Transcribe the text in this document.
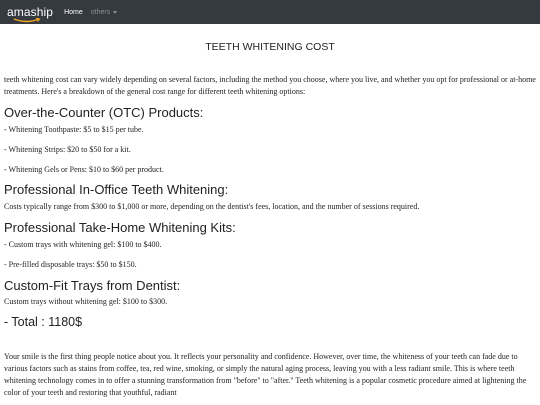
amaship Home others
TEETH WHITENING COST

teeth whitening cost can vary widely depending on several factors, including the method you choose, where you live, and whether you opt for professional or at-home treatments. Here's a breakdown of the general cost range for different teeth whitening options:

Over-the-Counter (OTC) Products:

- Whitening Toothpaste: $5 to $15 per tube.

- Whitening Strips: $20 to $50 for a kit.

- Whitening Gels or Pens: $10 to $60 per product.

Professional In-Office Teeth Whitening:

Costs typically range from $300 to $1,000 or more, depending on the dentist's fees, location, and the number of sessions required.

Professional Take-Home Whitening Kits:

- Custom trays with whitening gel: $100 to $400.

- Pre-filled disposable trays: $50 to $150.

Custom-Fit Trays from Dentist:

Custom trays without whitening gel: $100 to $300.

- Total : 1180$

Your smile is the first thing people notice about you. It reflects your personality and confidence. However, over time, the whiteness of your teeth can fade due to various factors such as stains from coffee, tea, red wine, smoking, or simply the natural aging process, leaving you with a less radiant smile. This is where teeth whitening technology comes in to offer a stunning transformation from "before" to "after." Teeth whitening is a popular cosmetic procedure aimed at lightening the color of your teeth and restoring that youthful, radiant
